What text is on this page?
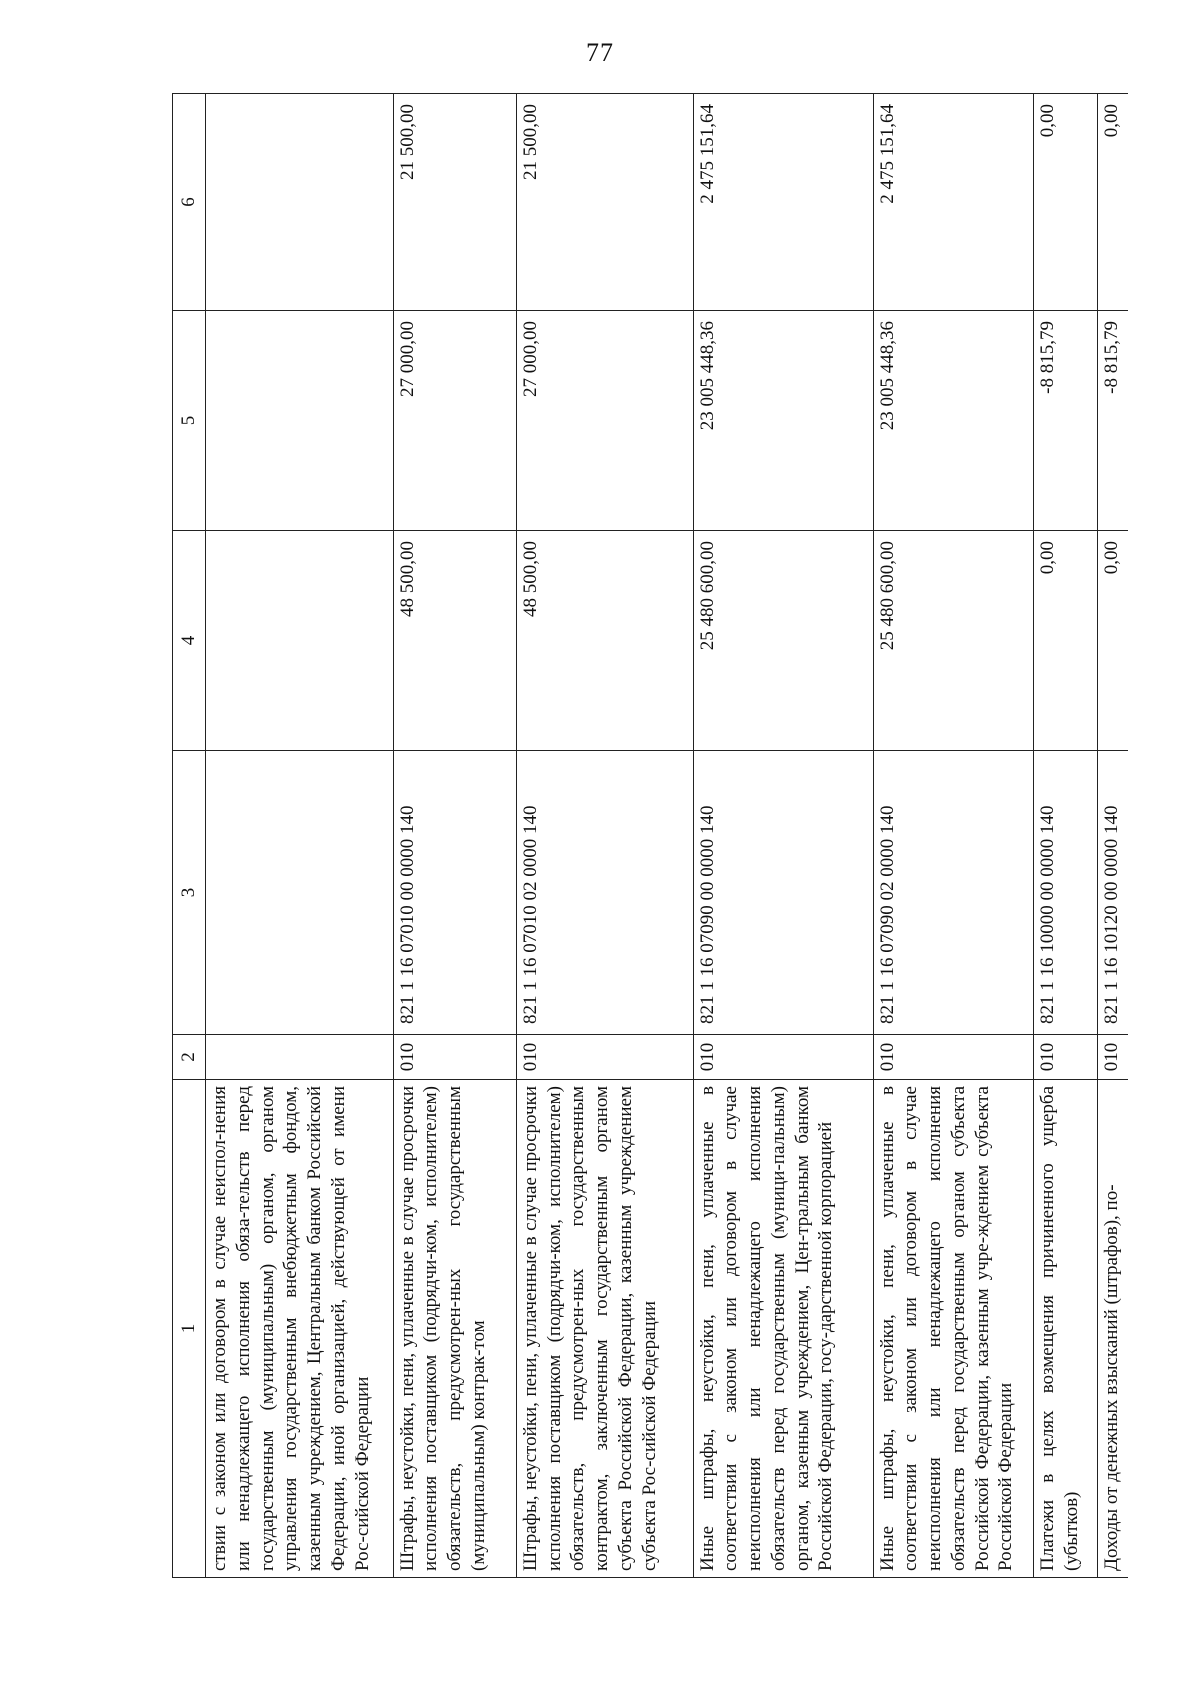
77
1	2	3	4	5	6
ствии с законом или договором в случае неиспол-нения или ненадлежащего исполнения обяза-тельств перед государственным (муниципальным) органом, органом управления государственным внебюджетным фондом, казенным учреждением, Центральным банком Российской Федерации, иной организацией, действующей от имени Рос-сийской Федерации					
Штрафы, неустойки, пени, уплаченные в случае просрочки исполнения поставщиком (подрядчи-ком, исполнителем) обязательств, предусмотрен-ных государственным (муниципальным) контрак-том	010	821 1 16 07010 00 0000 140	48 500,00	27 000,00	21 500,00
Штрафы, неустойки, пени, уплаченные в случае просрочки исполнения поставщиком (подрядчи-ком, исполнителем) обязательств, предусмотрен-ных государственным контрактом, заключенным государственным органом субъекта Российской Федерации, казенным учреждением субъекта Рос-сийской Федерации	010	821 1 16 07010 02 0000 140	48 500,00	27 000,00	21 500,00
Иные штрафы, неустойки, пени, уплаченные в соответствии с законом или договором в случае неисполнения или ненадлежащего исполнения обязательств перед государственным (муници-пальным) органом, казенным учреждением, Цен-тральным банком Российской Федерации, госу-дарственной корпорацией	010	821 1 16 07090 00 0000 140	25 480 600,00	23 005 448,36	2 475 151,64
Иные штрафы, неустойки, пени, уплаченные в соответствии с законом или договором в случае неисполнения или ненадлежащего исполнения обязательств перед государственным органом субъекта Российской Федерации, казенным учре-ждением субъекта Российской Федерации	010	821 1 16 07090 02 0000 140	25 480 600,00	23 005 448,36	2 475 151,64
Платежи в целях возмещения причиненного ущерба (убытков)	010	821 1 16 10000 00 0000 140	0,00	-8 815,79	0,00
Доходы от денежных взысканий (штрафов), по-	010	821 1 16 10120 00 0000 140	0,00	-8 815,79	0,00
